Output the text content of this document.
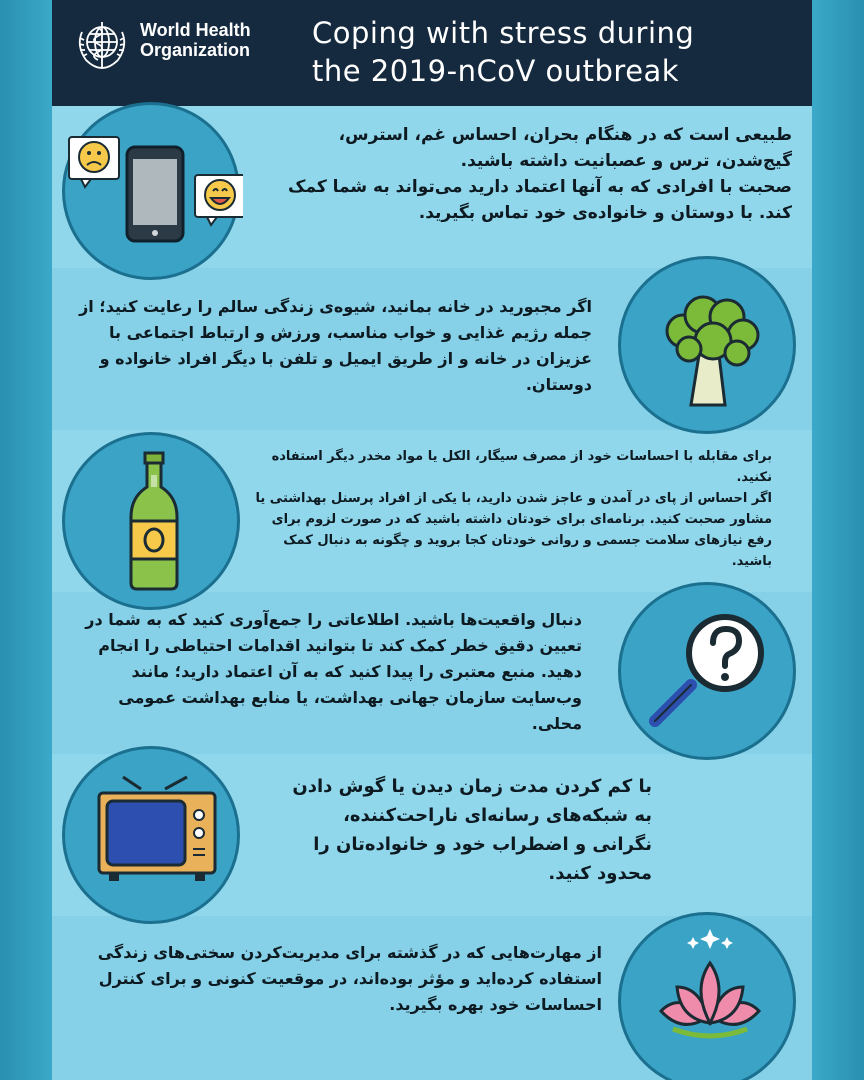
World Health
Organization Coping with stress during
the 2019-nCoV outbreak

طبیعی است که در هنگام بحران، احساس غم، استرس، گیج‌شدن، ترس و عصبانیت داشته باشید.

صحبت با افرادی که به آنها اعتماد دارید می‌تواند به شما کمک کند. با دوستان و خانواده‌ی خود تماس بگیرید.

اگر مجبورید در خانه بمانید، شیوه‌ی زندگی سالم را رعایت کنید؛ از جمله رژیم غذایی و خواب مناسب، ورزش و ارتباط اجتماعی با عزیزان در خانه و از طریق ایمیل و تلفن با دیگر افراد خانواده و دوستان.

برای مقابله با احساسات خود از مصرف سیگار، الکل یا مواد مخدر دیگر استفاده نکنید.

اگر احساس از پای در آمدن و عاجز شدن دارید، با یکی از افراد پرسنل بهداشتی یا مشاور صحبت کنید. برنامه‌ای برای خودتان داشته باشید که در صورت لزوم برای رفع نیازهای سلامت جسمی و روانی خودتان کجا بروید و چگونه به دنبال کمک باشید.

دنبال واقعیت‌ها باشید. اطلاعاتی را جمع‌آوری کنید که به شما در تعیین دقیق خطر کمک کند تا بتوانید اقدامات احتیاطی را انجام دهید. منبع معتبری را پیدا کنید که به آن اعتماد دارید؛ مانند وب‌سایت سازمان جهانی بهداشت، یا منابع بهداشت عمومی محلی.

با کم کردن مدت زمان دیدن یا گوش دادن به شبکه‌های رسانه‌ای ناراحت‌کننده، نگرانی و اضطراب خود و خانواده‌تان را محدود کنید.

از مهارت‌هایی که در گذشته برای مدیریت‌کردن سختی‌های زندگی استفاده کرده‌اید و مؤثر بوده‌اند، در موقعیت کنونی و برای کنترل احساسات خود بهره بگیرید.
